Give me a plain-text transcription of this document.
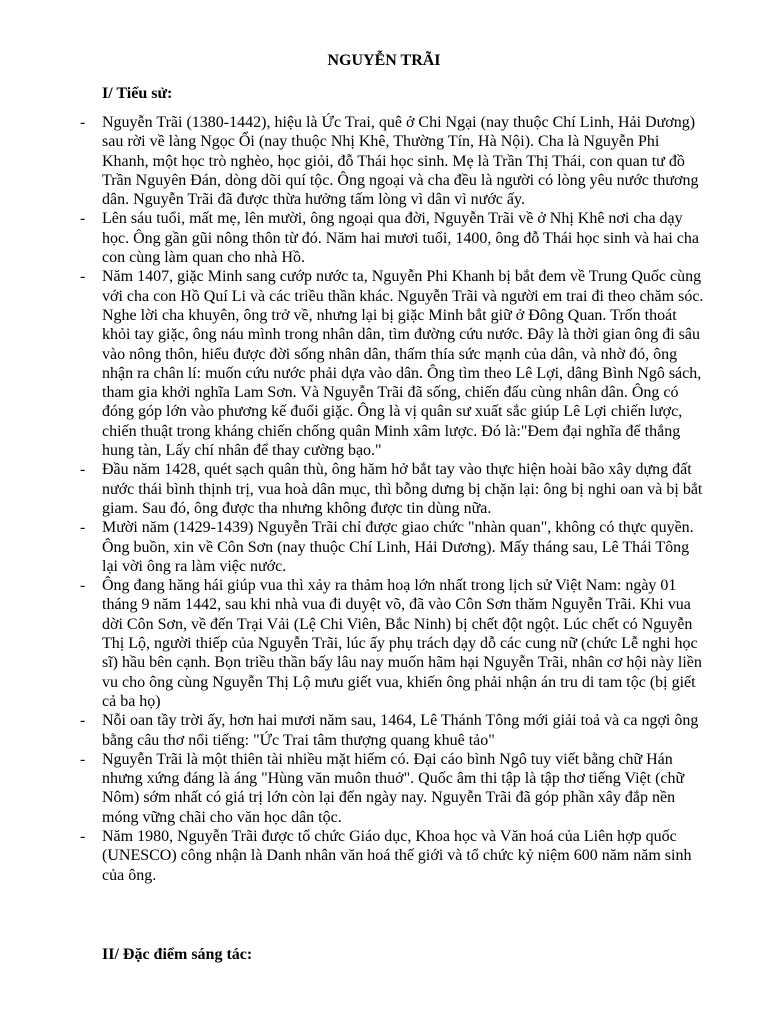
NGUYỄN TRÃI
I/ Tiểu sử:
- Nguyễn Trãi (1380-1442), hiệu là Ức Trai, quê ở Chi Ngại (nay thuộc Chí Linh, Hải Dương) sau rời về làng Ngọc Ổi (nay thuộc Nhị Khê, Thường Tín, Hà Nội). Cha là Nguyễn Phi Khanh, một học trò nghèo, học giỏi, đỗ Thái học sinh. Mẹ là Trần Thị Thái, con quan tư đồ Trần Nguyên Đán, dòng dõi quí tộc. Ông ngoại và cha đều là người có lòng yêu nước thương dân. Nguyễn Trãi đã được thừa hưởng tấm lòng vì dân vì nước ấy.
- Lên sáu tuổi, mất mẹ, lên mười, ông ngoại qua đời, Nguyễn Trãi về ở Nhị Khê nơi cha dạy học. Ông gần gũi nông thôn từ đó. Năm hai mươi tuổi, 1400, ông đỗ Thái học sinh và hai cha con cùng làm quan cho nhà Hồ.
- Năm 1407, giặc Minh sang cướp nước ta, Nguyễn Phi Khanh bị bắt đem về Trung Quốc cùng với cha con Hồ Quí Li và các triều thần khác. Nguyễn Trãi và người em trai đi theo chăm sóc. Nghe lời cha khuyên, ông trở về, nhưng lại bị giặc Minh bắt giữ ở Đông Quan. Trốn thoát khỏi tay giặc, ông náu mình trong nhân dân, tìm đường cứu nước. Đây là thời gian ông đi sâu vào nông thôn, hiểu được đời sống nhân dân, thấm thía sức mạnh của dân, và nhờ đó, ông nhận ra chân lí: muốn cứu nước phải dựa vào dân. Ông tìm theo Lê Lợi, dâng Bình Ngô sách, tham gia khởi nghĩa Lam Sơn. Và Nguyễn Trãi đã sống, chiến đấu cùng nhân dân. Ông có đóng góp lớn vào phương kế đuổi giặc. Ông là vị quân sư xuất sắc giúp Lê Lợi chiến lược, chiến thuật trong kháng chiến chống quân Minh xâm lược. Đó là:"Đem đại nghĩa để thắng hung tàn, Lấy chí nhân để thay cường bạo."
- Đầu năm 1428, quét sạch quân thù, ông hăm hở bắt tay vào thực hiện hoài bão xây dựng đất nước thái bình thịnh trị, vua hoà dân mục, thì bỗng dưng bị chặn lại: ông bị nghi oan và bị bắt giam. Sau đó, ông được tha nhưng không được tin dùng nữa.
- Mười năm (1429-1439) Nguyễn Trãi chỉ được giao chức "nhàn quan", không có thực quyền. Ông buồn, xin về Côn Sơn (nay thuộc Chí Linh, Hải Dương). Mấy tháng sau, Lê Thái Tông lại vời ông ra làm việc nước.
- Ông đang hăng hái giúp vua thì xảy ra thảm hoạ lớn nhất trong lịch sử Việt Nam: ngày 01 tháng 9 năm 1442, sau khi nhà vua đi duyệt võ, đã vào Côn Sơn thăm Nguyễn Trãi. Khi vua dời Côn Sơn, về đến Trại Vải (Lệ Chi Viên, Bắc Ninh) bị chết đột ngột. Lúc chết có Nguyễn Thị Lộ, người thiếp của Nguyễn Trãi, lúc ấy phụ trách dạy dỗ các cung nữ (chức Lễ nghi học sĩ) hầu bên cạnh. Bọn triều thần bấy lâu nay muốn hãm hại Nguyễn Trãi, nhân cơ hội này liền vu cho ông cùng Nguyễn Thị Lộ mưu giết vua, khiến ông phải nhận án tru di tam tộc (bị giết cả ba họ)
- Nỗi oan tầy trời ấy, hơn hai mươi năm sau, 1464, Lê Thánh Tông mới giải toả và ca ngợi ông bằng câu thơ nổi tiếng: "Ức Trai tâm thượng quang khuê tảo"
- Nguyễn Trãi là một thiên tài nhiều mặt hiếm có. Đại cáo bình Ngô tuy viết bằng chữ Hán nhưng xứng đáng là áng "Hùng văn muôn thuở". Quốc âm thi tập là tập thơ tiếng Việt (chữ Nôm) sớm nhất có giá trị lớn còn lại đến ngày nay. Nguyễn Trãi đã góp phần xây đắp nền móng vững chãi cho văn học dân tộc.
- Năm 1980, Nguyễn Trãi được tổ chức Giáo dục, Khoa học và Văn hoá của Liên hợp quốc (UNESCO) công nhận là Danh nhân văn hoá thế giới và tổ chức kỷ niệm 600 năm năm sinh của ông.
II/ Đặc điểm sáng tác:
